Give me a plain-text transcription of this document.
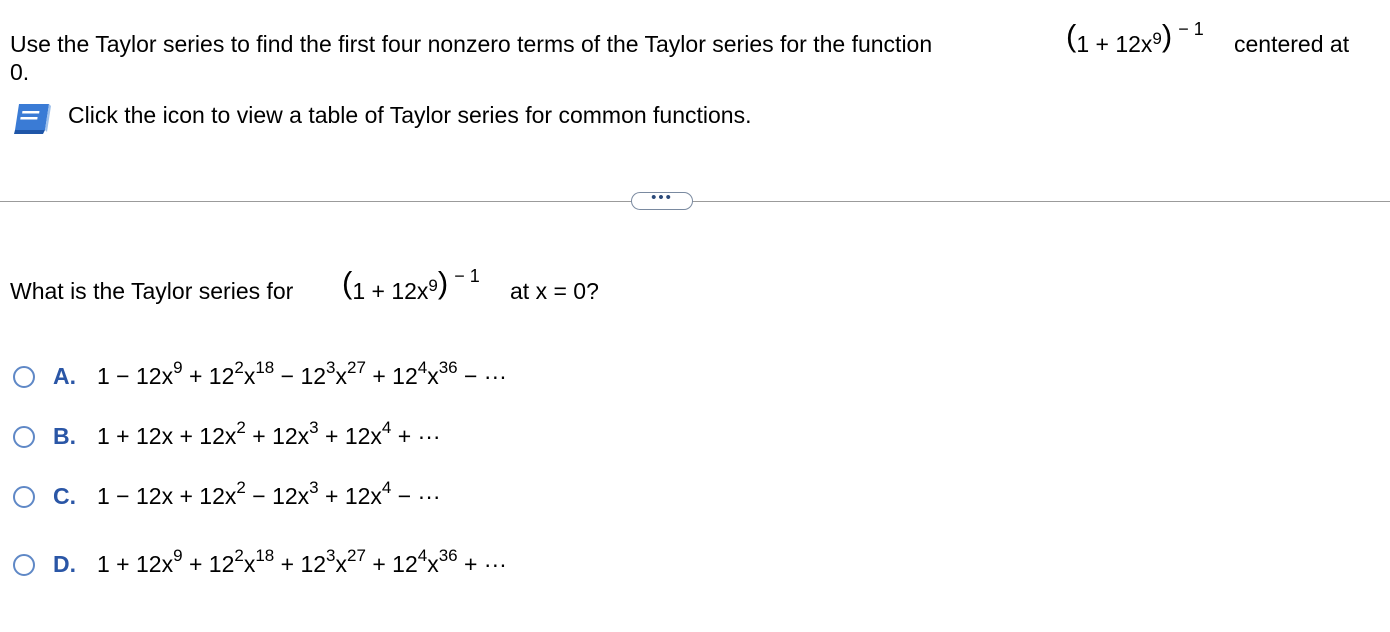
Use the Taylor series to find the first four nonzero terms of the Taylor series for the function	( 1 + 12x 9 ) − 1
centered at
0.
Click the icon to view a table of Taylor series for common functions.
•••
What is the Taylor series for ( 1 + 12x 9 ) − 1
at x = 0?
A. $1 - 12x^9 + 12^2x^{18} - 12^3x^{27} + 12^4x^{36}$ − ···
B. $1 + 12x + 12x^2 + 12x^3 + 12x^4$ + ···
C. $1 - 12x + 12x^2 - 12x^3 + 12x^4$ − ···
D. $1 + 12x^9 + 12^2x^{18} + 12^3x^{27} + 12^4x^{36}$ + ···
